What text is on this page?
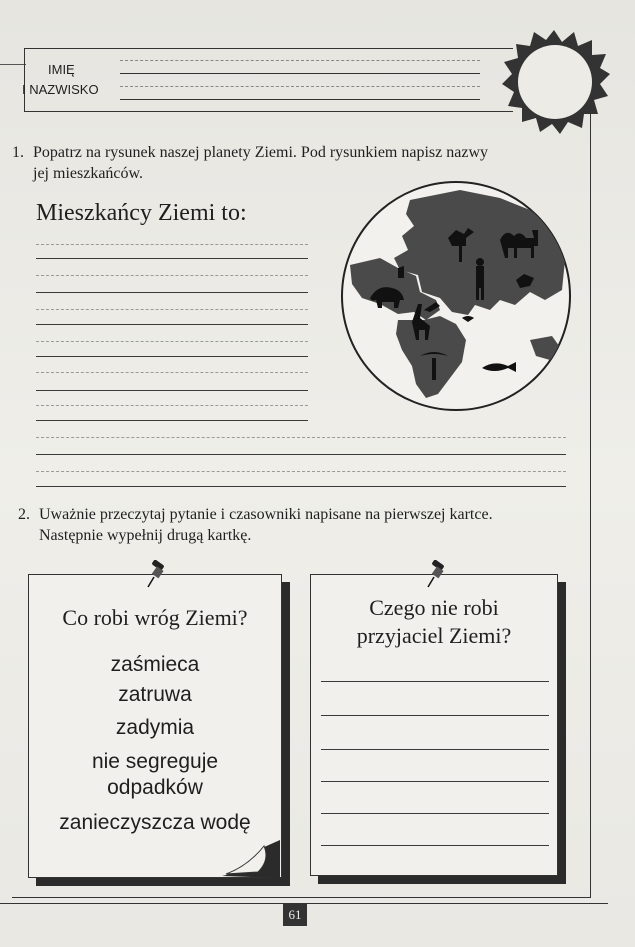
IMIĘ
I NAZWISKO
1. Popatrz na rysunek naszej planety Ziemi. Pod rysunkiem napisz nazwy
jej mieszkańców.
Mieszkańcy Ziemi to:
2. Uważnie przeczytaj pytanie i czasowniki napisane na pierwszej kartce.
Następnie wypełnij drugą kartkę.
Co robi wróg Ziemi?
zaśmieca
zatruwa
zadymia
nie segreguje
odpadków
zanieczyszcza wodę
Czego nie robi
przyjaciel Ziemi?
61
